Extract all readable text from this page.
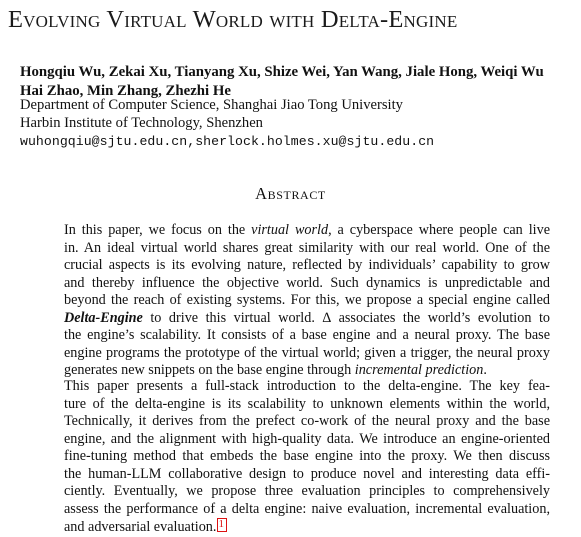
Evolving Virtual World with Delta-Engine
Hongqiu Wu, Zekai Xu, Tianyang Xu, Shize Wei, Yan Wang, Jiale Hong, Weiqi Wu
Hai Zhao, Min Zhang, Zhezhi He
Department of Computer Science, Shanghai Jiao Tong University
Harbin Institute of Technology, Shenzhen
wuhongqiu@sjtu.edu.cn,sherlock.holmes.xu@sjtu.edu.cn
Abstract
In this paper, we focus on the virtual world, a cyberspace where people can live
in. An ideal virtual world shares great similarity with our real world. One of the
crucial aspects is its evolving nature, reflected by individuals’ capability to grow
and thereby influence the objective world. Such dynamics is unpredictable and
beyond the reach of existing systems. For this, we propose a special engine called
Delta-Engine to drive this virtual world. ∆ associates the world’s evolution to
the engine’s scalability. It consists of a base engine and a neural proxy. The base
engine programs the prototype of the virtual world; given a trigger, the neural proxy
generates new snippets on the base engine through incremental prediction.
This paper presents a full-stack introduction to the delta-engine. The key fea-
ture of the delta-engine is its scalability to unknown elements within the world,
Technically, it derives from the prefect co-work of the neural proxy and the base
engine, and the alignment with high-quality data. We introduce an engine-oriented
fine-tuning method that embeds the base engine into the proxy. We then discuss
the human-LLM collaborative design to produce novel and interesting data effi-
ciently. Eventually, we propose three evaluation principles to comprehensively
assess the performance of a delta engine: naive evaluation, incremental evaluation,
and adversarial evaluation.1
